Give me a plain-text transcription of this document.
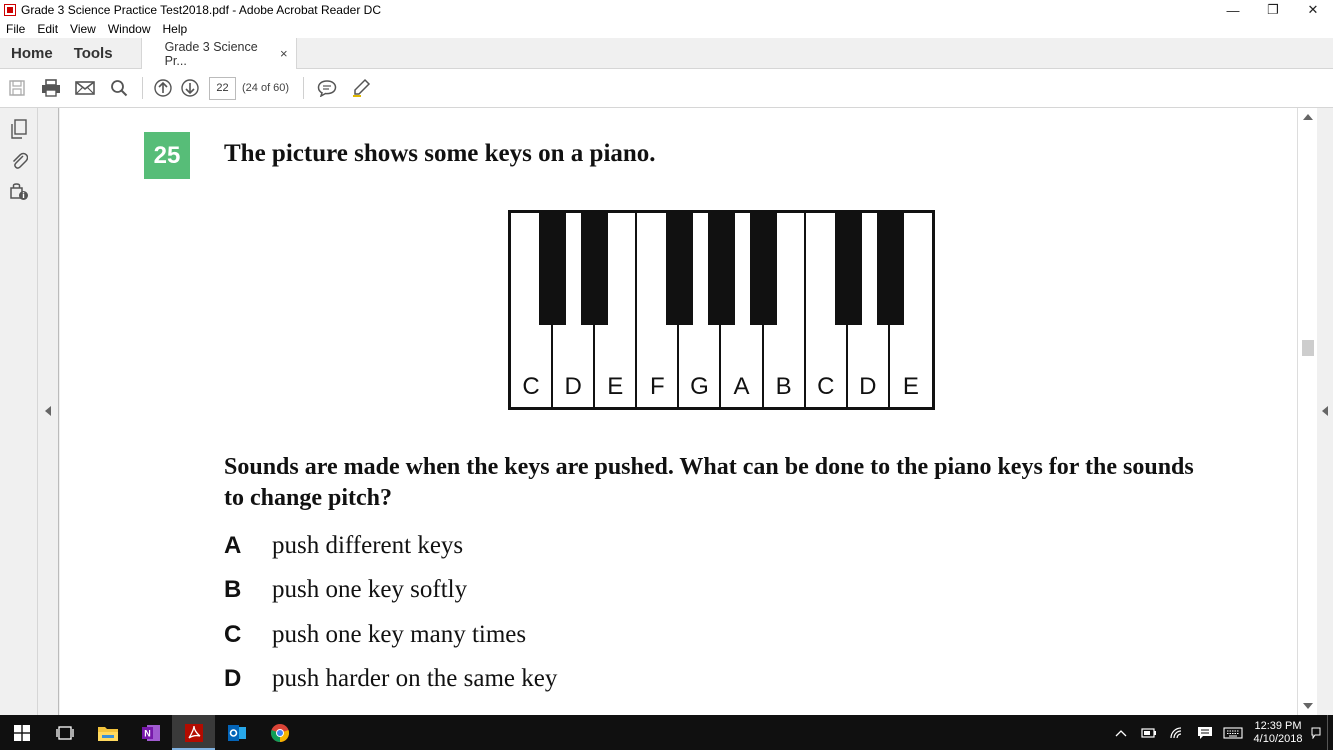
Grade 3 Science Practice Test2018.pdf - Adobe Acrobat Reader DC	—	❐	✕
File	Edit	View	Window	Help
Home	Tools	Grade 3 Science Pr...	×
22	(24 of 60)
25	The picture shows some keys on a piano.
C	D	E	F	G	A	B	C	D	E
Sounds are made when the keys are pushed. What can be done to the piano keys for the sounds to change pitch?
A	push different keys
B	push one key softly
C	push one key many times
D	push harder on the same key
N
12:39 PM
4/10/2018
